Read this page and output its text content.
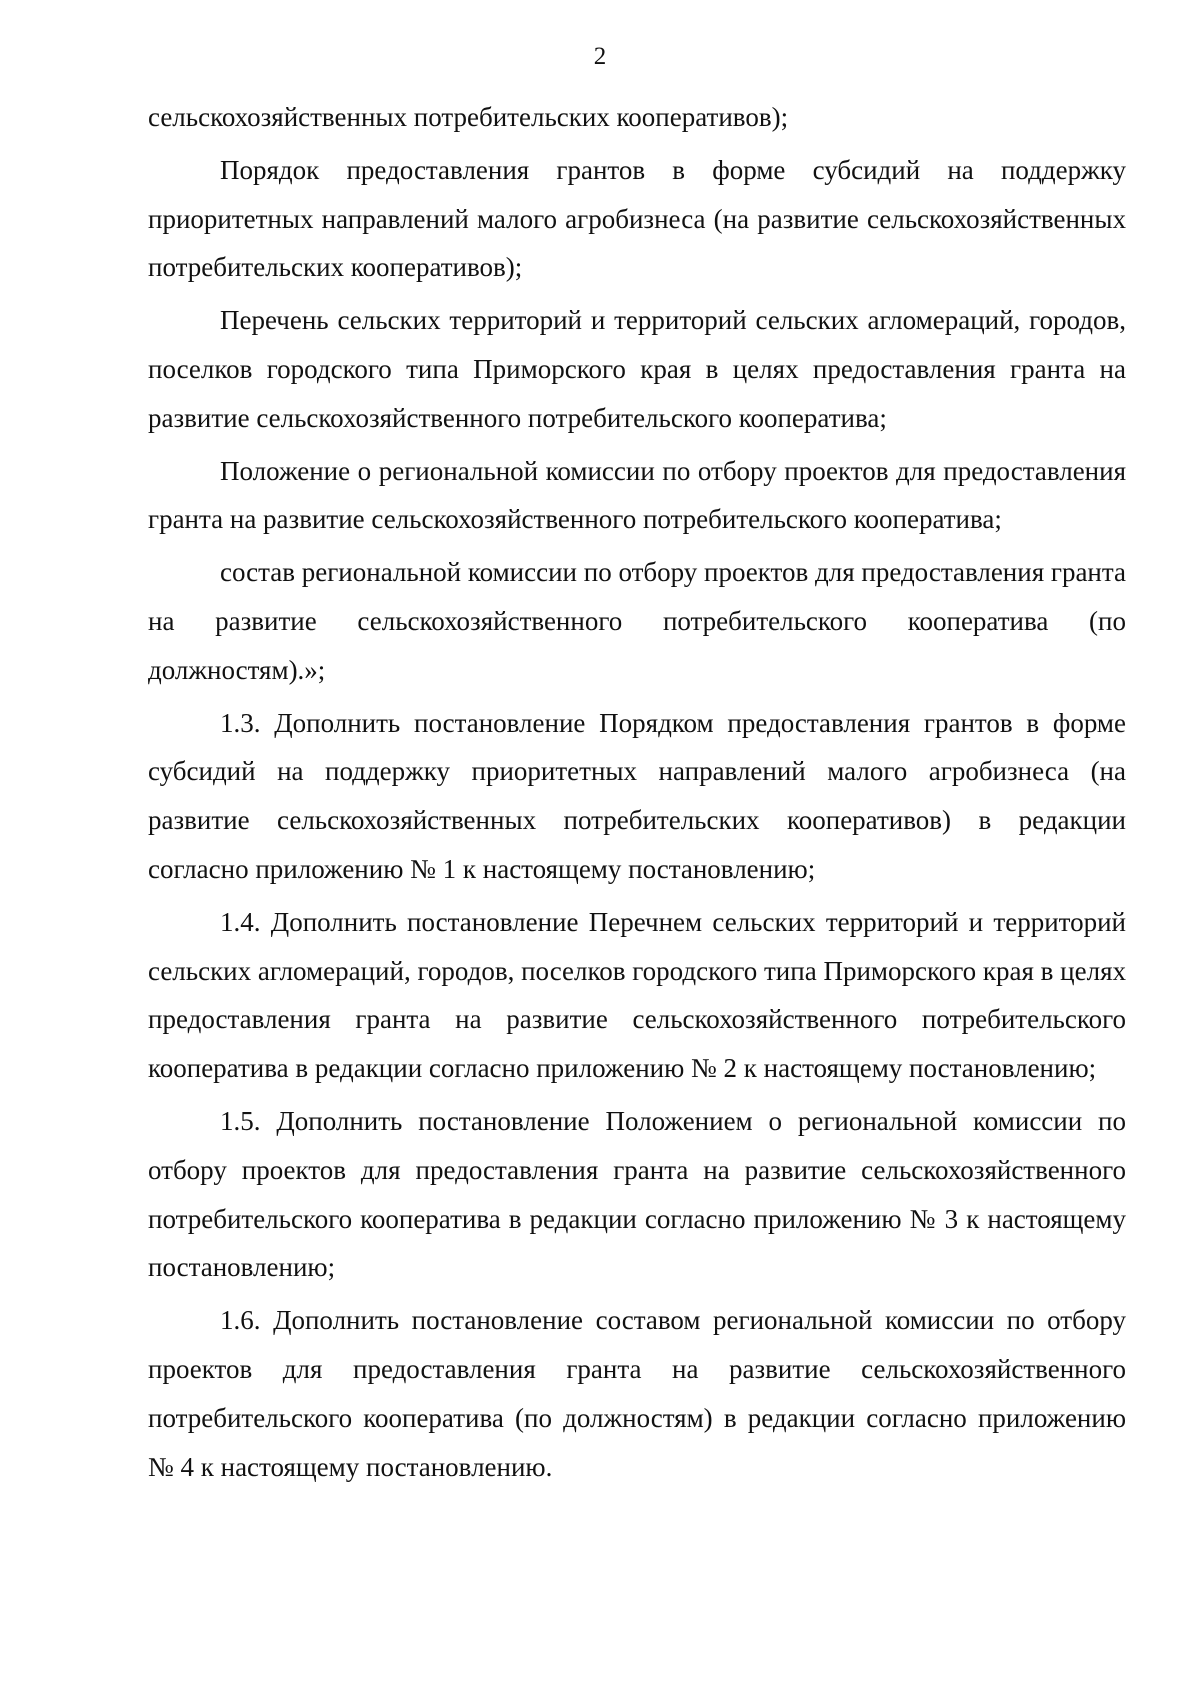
2

сельскохозяйственных потребительских кооперативов);

Порядок предоставления грантов в форме субсидий на поддержку приоритетных направлений малого агробизнеса (на развитие сельскохозяйственных потребительских кооперативов);

Перечень сельских территорий и территорий сельских агломераций, городов, поселков городского типа Приморского края в целях предоставления гранта на развитие сельскохозяйственного потребительского кооператива;

Положение о региональной комиссии по отбору проектов для предоставления гранта на развитие сельскохозяйственного потребительского кооператива;

состав региональной комиссии по отбору проектов для предоставления гранта на развитие сельскохозяйственного потребительского кооператива (по должностям).»;

1.3. Дополнить постановление Порядком предоставления грантов в форме субсидий на поддержку приоритетных направлений малого агробизнеса (на развитие сельскохозяйственных потребительских кооперативов) в редакции согласно приложению № 1 к настоящему постановлению;

1.4. Дополнить постановление Перечнем сельских территорий и территорий сельских агломераций, городов, поселков городского типа Приморского края в целях предоставления гранта на развитие сельскохозяйственного потребительского кооператива в редакции согласно приложению № 2 к настоящему постановлению;

1.5. Дополнить постановление Положением о региональной комиссии по отбору проектов для предоставления гранта на развитие сельскохозяйственного потребительского кооператива в редакции согласно приложению № 3 к настоящему постановлению;

1.6. Дополнить постановление составом региональной комиссии по отбору проектов для предоставления гранта на развитие сельскохозяйственного потребительского кооператива (по должностям) в редакции согласно приложению № 4 к настоящему постановлению.
